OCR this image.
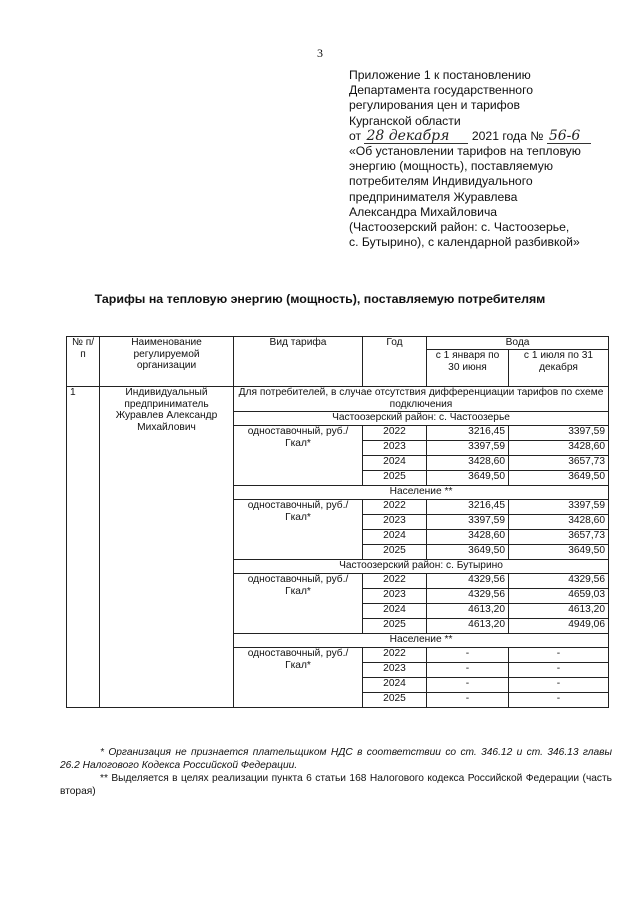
3
Приложение 1 к постановлению
Департамента государственного
регулирования цен и тарифов
Курганской области
от 28 декабря 2021 года № 56-6
«Об установлении тарифов на тепловую
энергию (мощность), поставляемую
потребителям Индивидуального
предпринимателя Журавлева
Александра Михайловича
(Частоозерский район: с. Частоозерье,
с. Бутырино), с календарной разбивкой»
Тарифы на тепловую энергию (мощность), поставляемую потребителям
№ п/п	Наименование регулируемой организации	Вид тарифа	Год	Вода	
				с 1 января по 30 июня	с 1 июля по 31 декабря
1	Индивидуальный предприниматель Журавлев Александр Михайлович	Для потребителей, в случае отсутствия дифференциации тарифов по схеме подключения			
		Частоозерский район: с. Частоозерье			
		одноставочный, руб./Гкал*	2022	3216,45	3397,59
			2023	3397,59	3428,60
			2024	3428,60	3657,73
			2025	3649,50	3649,50
		Население **			
		одноставочный, руб./Гкал*	2022	3216,45	3397,59
			2023	3397,59	3428,60
			2024	3428,60	3657,73
			2025	3649,50	3649,50
		Частоозерский район: с. Бутырино			
		одноставочный, руб./Гкал*	2022	4329,56	4329,56
			2023	4329,56	4659,03
			2024	4613,20	4613,20
			2025	4613,20	4949,06
		Население **			
		одноставочный, руб./Гкал*	2022	-	-
			2023	-	-
			2024	-	-
			2025	-	-

* Организация не признается плательщиком НДС в соответствии со ст. 346.12 и ст. 346.13 главы 26.2 Налогового Кодекса Российской Федерации.

** Выделяется в целях реализации пункта 6 статьи 168 Налогового кодекса Российской Федерации (часть вторая)
